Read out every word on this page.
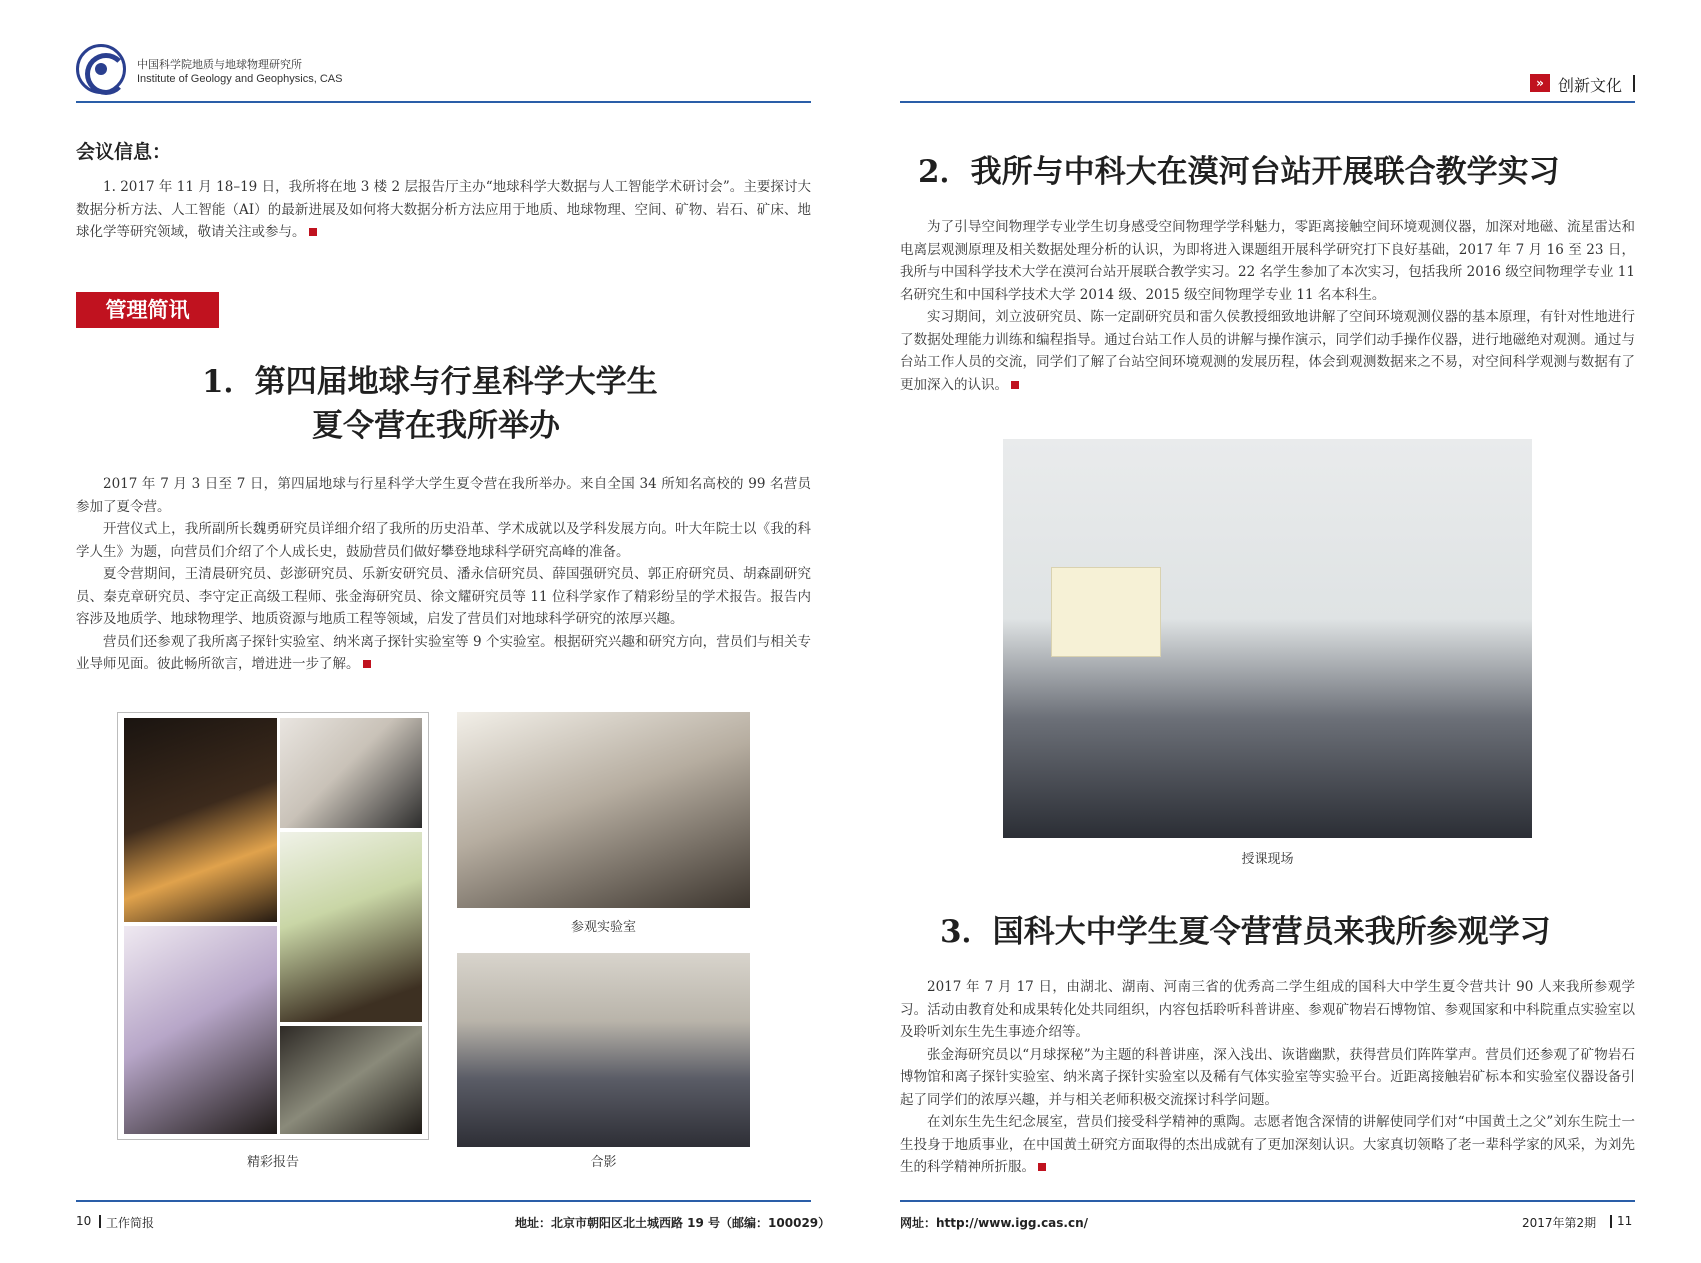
中国科学院地质与地球物理研究所
Institute of Geology and Geophysics, CAS	» 创新文化
会议信息：

1. 2017 年 11 月 18–19 日，我所将在地 3 楼 2 层报告厅主办“地球科学大数据与人工智能学术研讨会”。主要探讨大数据分析方法、人工智能（AI）的最新进展及如何将大数据分析方法应用于地质、地球物理、空间、矿物、岩石、矿床、地球化学等研究领域，敬请关注或参与。

管理简讯
1．第四届地球与行星科学大学生
夏令营在我所举办

2017 年 7 月 3 日至 7 日，第四届地球与行星科学大学生夏令营在我所举办。来自全国 34 所知名高校的 99 名营员参加了夏令营。

开营仪式上，我所副所长魏勇研究员详细介绍了我所的历史沿革、学术成就以及学科发展方向。叶大年院士以《我的科学人生》为题，向营员们介绍了个人成长史，鼓励营员们做好攀登地球科学研究高峰的准备。

夏令营期间，王清晨研究员、彭澎研究员、乐新安研究员、潘永信研究员、薛国强研究员、郭正府研究员、胡森副研究员、秦克章研究员、李守定正高级工程师、张金海研究员、徐文耀研究员等 11 位科学家作了精彩纷呈的学术报告。报告内容涉及地质学、地球物理学、地质资源与地质工程等领域，启发了营员们对地球科学研究的浓厚兴趣。

营员们还参观了我所离子探针实验室、纳米离子探针实验室等 9 个实验室。根据研究兴趣和研究方向，营员们与相关专业导师见面。彼此畅所欲言，增进进一步了解。

精彩报告
参观实验室
合影
2．我所与中科大在漠河台站开展联合教学实习

为了引导空间物理学专业学生切身感受空间物理学学科魅力，零距离接触空间环境观测仪器，加深对地磁、流星雷达和电离层观测原理及相关数据处理分析的认识，为即将进入课题组开展科学研究打下良好基础，2017 年 7 月 16 至 23 日，我所与中国科学技术大学在漠河台站开展联合教学实习。22 名学生参加了本次实习，包括我所 2016 级空间物理学专业 11 名研究生和中国科学技术大学 2014 级、2015 级空间物理学专业 11 名本科生。

实习期间，刘立波研究员、陈一定副研究员和雷久侯教授细致地讲解了空间环境观测仪器的基本原理，有针对性地进行了数据处理能力训练和编程指导。通过台站工作人员的讲解与操作演示，同学们动手操作仪器，进行地磁绝对观测。通过与台站工作人员的交流，同学们了解了台站空间环境观测的发展历程，体会到观测数据来之不易，对空间科学观测与数据有了更加深入的认识。

授课现场
3．国科大中学生夏令营营员来我所参观学习

2017 年 7 月 17 日，由湖北、湖南、河南三省的优秀高二学生组成的国科大中学生夏令营共计 90 人来我所参观学习。活动由教育处和成果转化处共同组织，内容包括聆听科普讲座、参观矿物岩石博物馆、参观国家和中科院重点实验室以及聆听刘东生先生事迹介绍等。

张金海研究员以“月球探秘”为主题的科普讲座，深入浅出、诙谐幽默，获得营员们阵阵掌声。营员们还参观了矿物岩石博物馆和离子探针实验室、纳米离子探针实验室以及稀有气体实验室等实验平台。近距离接触岩矿标本和实验室仪器设备引起了同学们的浓厚兴趣，并与相关老师积极交流探讨科学问题。

在刘东生先生纪念展室，营员们接受科学精神的熏陶。志愿者饱含深情的讲解使同学们对“中国黄土之父”刘东生院士一生投身于地质事业，在中国黄土研究方面取得的杰出成就有了更加深刻认识。大家真切领略了老一辈科学家的风采，为刘先生的科学精神所折服。

10 工作简报	地址：北京市朝阳区北土城西路 19 号（邮编：100029）	网址：http://www.igg.cas.cn/	2017年第2期 11
